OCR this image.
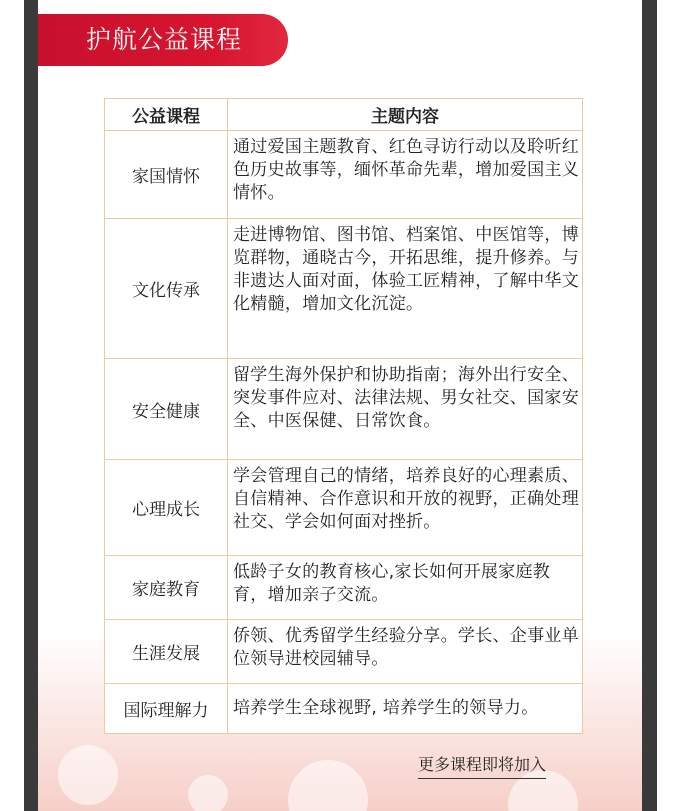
护航公益课程
公益课程	主题内容
家国情怀	通过爱国主题教育、红色寻访行动以及聆听红色历史故事等，缅怀革命先辈，增加爱国主义情怀。
文化传承	走进博物馆、图书馆、档案馆、中医馆等，博览群物，通晓古今，开拓思维，提升修养。与非遗达人面对面，体验工匠精神，了解中华文化精髓，增加文化沉淀。
安全健康	留学生海外保护和协助指南；海外出行安全、突发事件应对、法律法规、男女社交、国家安全、中医保健、日常饮食。
心理成长	学会管理自己的情绪，培养良好的心理素质、自信精神、合作意识和开放的视野，正确处理社交、学会如何面对挫折。
家庭教育	低龄子女的教育核心,家长如何开展家庭教育，增加亲子交流。
生涯发展	侨领、优秀留学生经验分享。学长、企事业单位领导进校园辅导。
国际理解力	培养学生全球视野, 培养学生的领导力。
更多课程即将加入
